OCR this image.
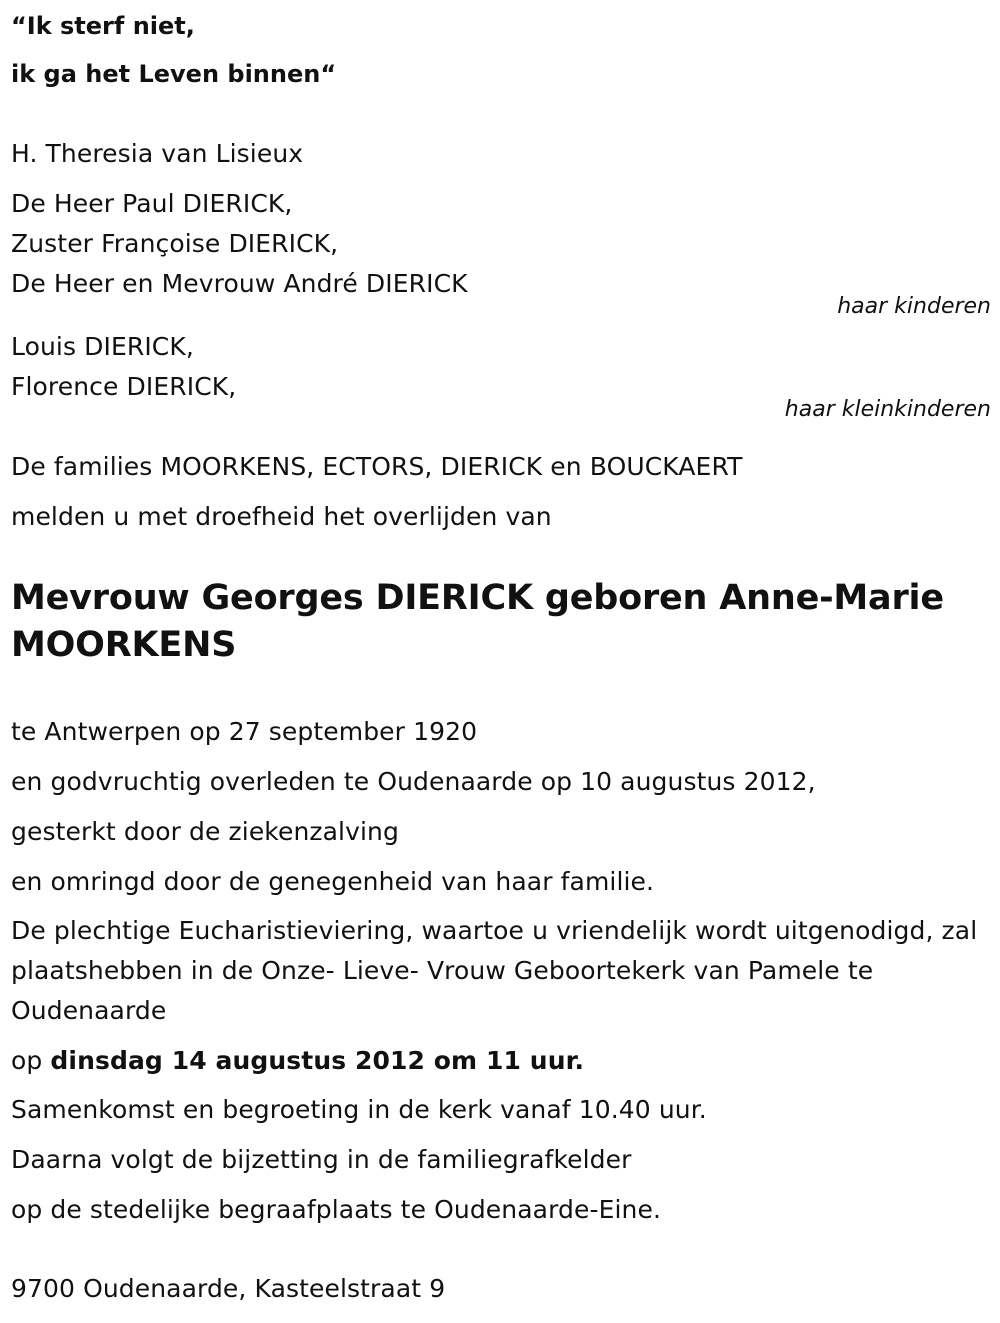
“Ik sterf niet,

ik ga het Leven binnen“

H. Theresia van Lisieux
De Heer Paul DIERICK,
Zuster Françoise DIERICK,
De Heer en Mevrouw André DIERICK
haar kinderen
Louis DIERICK,
Florence DIERICK,
haar kleinkinderen
De families MOORKENS, ECTORS, DIERICK en BOUCKAERT
melden u met droefheid het overlijden van
Mevrouw Georges DIERICK geboren Anne-Marie MOORKENS
te Antwerpen op 27 september 1920
en godvruchtig overleden te Oudenaarde op 10 augustus 2012,
gesterkt door de ziekenzalving
en omringd door de genegenheid van haar familie.
De plechtige Eucharistieviering, waartoe u vriendelijk wordt uitgenodigd, zal plaatshebben in de Onze- Lieve- Vrouw Geboortekerk van Pamele te Oudenaarde
op dinsdag 14 augustus 2012 om 11 uur.
Samenkomst en begroeting in de kerk vanaf 10.40 uur.
Daarna volgt de bijzetting in de familiegrafkelder
op de stedelijke begraafplaats te Oudenaarde-Eine.
9700 Oudenaarde, Kasteelstraat 9
